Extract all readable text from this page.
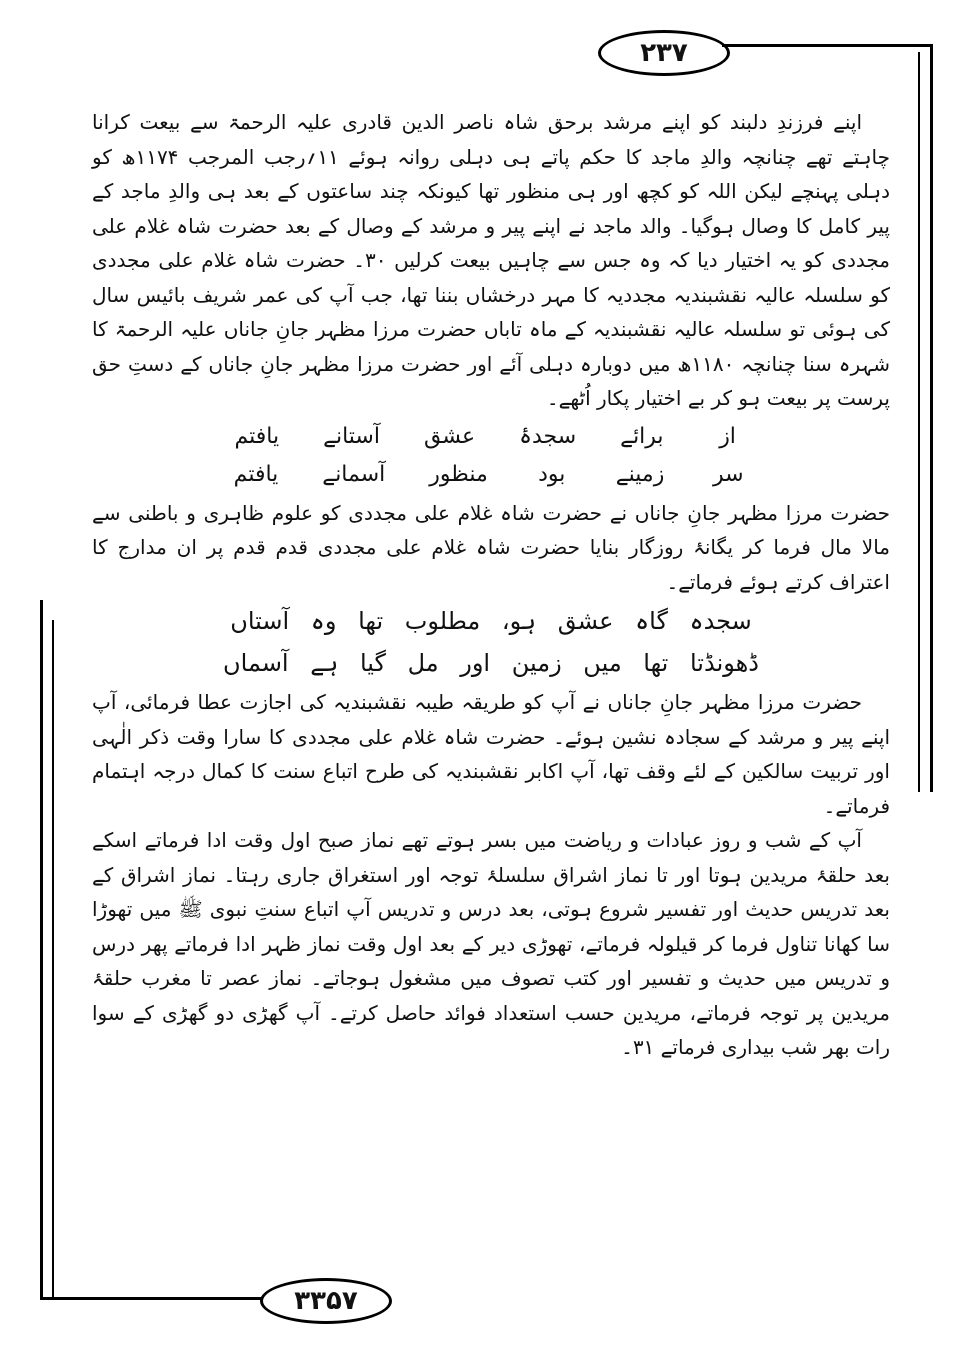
۲۳۷

اپنے فرزندِ دلبند کو اپنے مرشد برحق شاہ ناصر الدین قادری علیہ الرحمۃ سے بیعت کرانا چاہتے تھے چنانچہ والدِ ماجد کا حکم پاتے ہی دہلی روانہ ہوئے ۱۱؍رجب المرجب ۱۱۷۴ھ کو دہلی پہنچے لیکن اللہ کو کچھ اور ہی منظور تھا کیونکہ چند ساعتوں کے بعد ہی والدِ ماجد کے پیر کامل کا وصال ہوگیا۔ والد ماجد نے اپنے پیر و مرشد کے وصال کے بعد حضرت شاہ غلام علی مجددی کو یہ اختیار دیا کہ وہ جس سے چاہیں بیعت کرلیں ۳۰۔ حضرت شاہ غلام علی مجددی کو سلسلہ عالیہ نقشبندیہ مجددیہ کا مہر درخشاں بننا تھا، جب آپ کی عمر شریف بائیس سال کی ہوئی تو سلسلہ عالیہ نقشبندیہ کے ماہ تاباں حضرت مرزا مظہر جانِ جاناں علیہ الرحمۃ کا شہرہ سنا چنانچہ ۱۱۸۰ھ میں دوبارہ دہلی آئے اور حضرت مرزا مظہر جانِ جاناں کے دستِ حق پرست پر بیعت ہو کر بے اختیار پکار اُٹھے۔

از
برائے
سجدۂ
عشق
آستانے
یافتم
سر
زمینے
بود
منظور
آسمانے
یافتم

حضرت مرزا مظہر جانِ جاناں نے حضرت شاہ غلام علی مجددی کو علوم ظاہری و باطنی سے مالا مال فرما کر یگانۂ روزگار بنایا حضرت شاہ غلام علی مجددی قدم قدم پر ان مدارج کا اعتراف کرتے ہوئے فرماتے۔

سجدہ گاہ عشق ہو، مطلوب تھا وہ آستاں
ڈھونڈتا تھا میں زمین اور مل گیا ہے آسماں

حضرت مرزا مظہر جانِ جاناں نے آپ کو طریقہ طیبہ نقشبندیہ کی اجازت عطا فرمائی، آپ اپنے پیر و مرشد کے سجادہ نشین ہوئے۔ حضرت شاہ غلام علی مجددی کا سارا وقت ذکر الٰہی اور تربیت سالکین کے لئے وقف تھا، آپ اکابر نقشبندیہ کی طرح اتباع سنت کا کمال درجہ اہتمام فرماتے۔

آپ کے شب و روز عبادات و ریاضت میں بسر ہوتے تھے نماز صبح اول وقت ادا فرماتے اسکے بعد حلقۂ مریدین ہوتا اور تا نماز اشراق سلسلۂ توجہ اور استغراق جاری رہتا۔ نماز اشراق کے بعد تدریس حدیث اور تفسیر شروع ہوتی، بعد درس و تدریس آپ اتباع سنتِ نبوی ﷺ میں تھوڑا سا کھانا تناول فرما کر قیلولہ فرماتے، تھوڑی دیر کے بعد اول وقت نماز ظہر ادا فرماتے پھر درس و تدریس میں حدیث و تفسیر اور کتب تصوف میں مشغول ہوجاتے۔ نماز عصر تا مغرب حلقۂ مریدین پر توجہ فرماتے، مریدین حسب استعداد فوائد حاصل کرتے۔ آپ گھڑی دو گھڑی کے سوا رات بھر شب بیداری فرماتے ۳۱۔

۳۳۵۷
